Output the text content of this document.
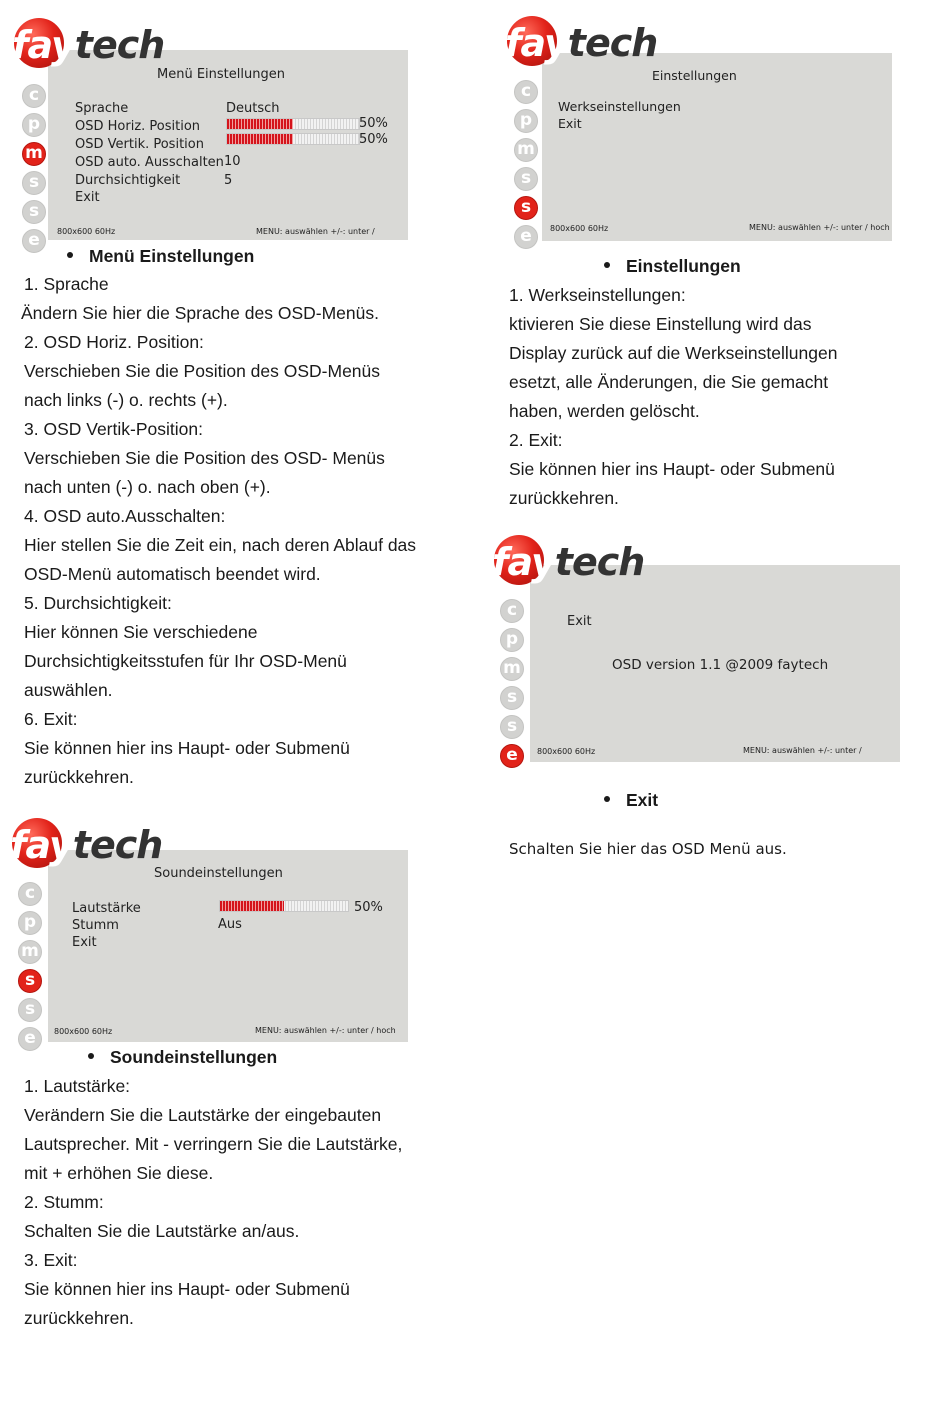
faytech
c
p
m
s
s
e
Menü Einstellungen
Sprache	Deutsch
OSD Horiz. Position	50%
OSD Vertik. Position	50%
OSD auto. Ausschalten 10
Durchsichtigkeit	5
Exit
800x600 60Hz	MENU: auswählen +/-: unter /
faytech
c
p
m
s
s
e
Einstellungen
Werkseinstellungen
Exit
800x600 60Hz	MENU: auswählen +/-: unter / hoch
faytech
c
p
m
s
s
e
Exit
OSD version 1.1 @2009 faytech
800x600 60Hz	MENU: auswählen +/-: unter /
faytech
c
p
m
s
s
e
Soundeinstellungen
Lautstärke	50%
Stumm	Aus
Exit
800x600 60Hz	MENU: auswählen +/-: unter / hoch
Menü Einstellungen
1. Sprache
Ändern Sie hier die Sprache des OSD-Menüs.
2. OSD Horiz. Position:
Verschieben Sie die Position des OSD-Menüs
nach links (-) o. rechts (+).
3. OSD Vertik-Position:
Verschieben Sie die Position des OSD- Menüs
nach unten (-) o. nach oben (+).
4. OSD auto.Ausschalten:
Hier stellen Sie die Zeit ein, nach deren Ablauf das
OSD-Menü automatisch beendet wird.
5. Durchsichtigkeit:
Hier können Sie verschiedene
Durchsichtigkeitsstufen für Ihr OSD-Menü
auswählen.
6. Exit:
Sie können hier ins Haupt- oder Submenü
zurückkehren.
Einstellungen
1. Werkseinstellungen:
ktivieren Sie diese Einstellung wird das
Display zurück auf die Werkseinstellungen
esetzt, alle Änderungen, die Sie gemacht
haben, werden gelöscht.
2. Exit:
Sie können hier ins Haupt- oder Submenü
zurückkehren.
Exit
Schalten Sie hier das OSD Menü aus.
Soundeinstellungen
1. Lautstärke:
Verändern Sie die Lautstärke der eingebauten
Lautsprecher. Mit - verringern Sie die Lautstärke,
mit + erhöhen Sie diese.
2. Stumm:
Schalten Sie die Lautstärke an/aus.
3. Exit:
Sie können hier ins Haupt- oder Submenü
zurückkehren.
